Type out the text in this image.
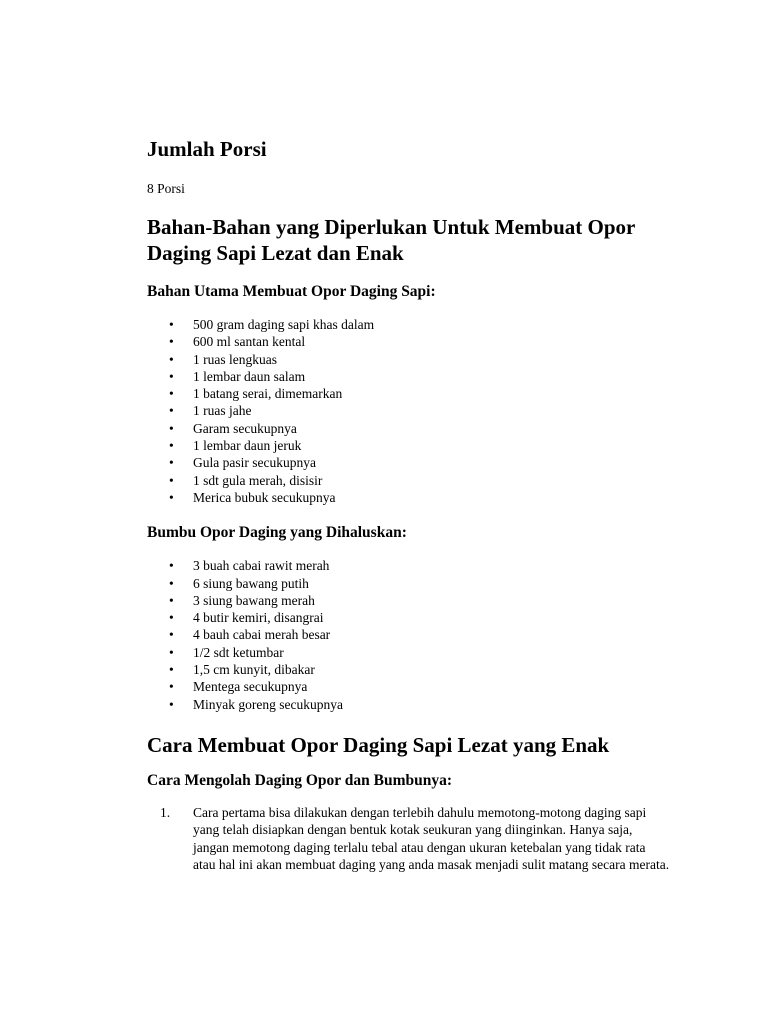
Jumlah Porsi

8 Porsi

Bahan-Bahan yang Diperlukan Untuk Membuat Opor Daging Sapi Lezat dan Enak
Bahan Utama Membuat Opor Daging Sapi:
• 500 gram daging sapi khas dalam
• 600 ml santan kental
• 1 ruas lengkuas
• 1 lembar daun salam
• 1 batang serai, dimemarkan
• 1 ruas jahe
• Garam secukupnya
• 1 lembar daun jeruk
• Gula pasir secukupnya
• 1 sdt gula merah, disisir
• Merica bubuk secukupnya
Bumbu Opor Daging yang Dihaluskan:
• 3 buah cabai rawit merah
• 6 siung bawang putih
• 3 siung bawang merah
• 4 butir kemiri, disangrai
• 4 bauh cabai merah besar
• 1/2 sdt ketumbar
• 1,5 cm kunyit, dibakar
• Mentega secukupnya
• Minyak goreng secukupnya
Cara Membuat Opor Daging Sapi Lezat yang Enak
Cara Mengolah Daging Opor dan Bumbunya:
1. Cara pertama bisa dilakukan dengan terlebih dahulu memotong-motong daging sapi yang telah disiapkan dengan bentuk kotak seukuran yang diinginkan. Hanya saja, jangan memotong daging terlalu tebal atau dengan ukuran ketebalan yang tidak rata atau hal ini akan membuat daging yang anda masak menjadi sulit matang secara merata.
